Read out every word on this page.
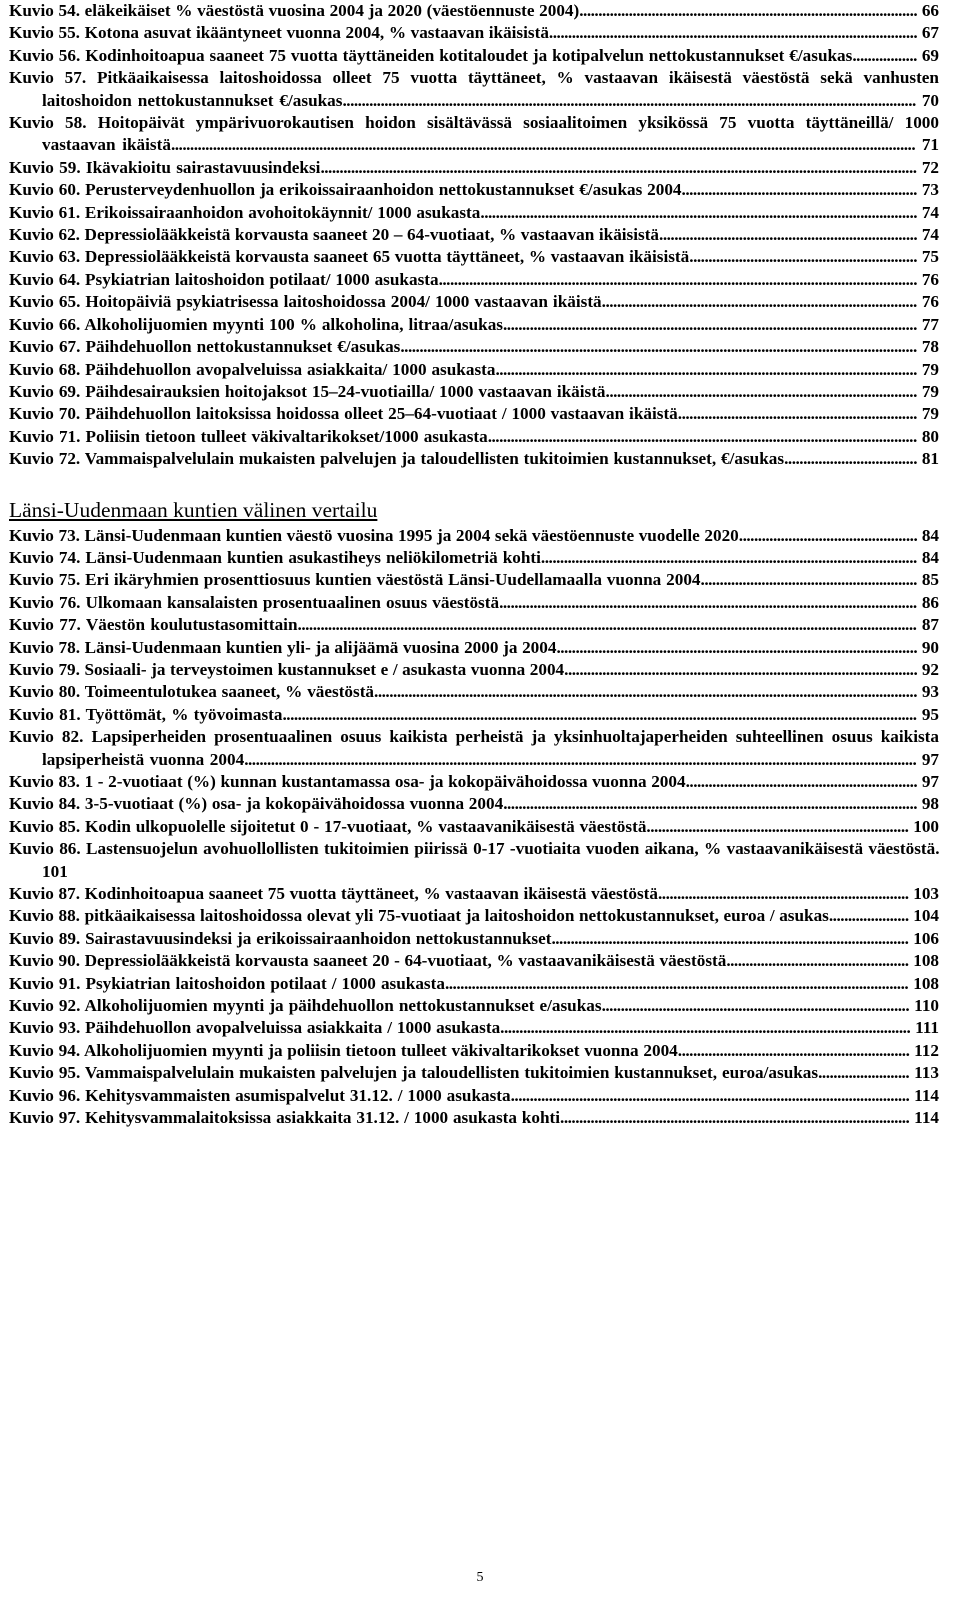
Kuvio 54. eläkeikäiset % väestöstä vuosina 2004 ja 2020 (väestöennuste 2004)......................................................................................... 66
Kuvio 55. Kotona asuvat ikääntyneet vuonna 2004, % vastaavan ikäisistä................................................................................................. 67
Kuvio 56. Kodinhoitoapua saaneet 75 vuotta täyttäneiden kotitaloudet ja kotipalvelun nettokustannukset €/asukas................. 69
Kuvio 57. Pitkäaikaisessa laitoshoidossa olleet 75 vuotta täyttäneet, % vastaavan ikäisestä väestöstä sekä vanhusten laitoshoidon nettokustannukset €/asukas....................................................................................................................................................... 70
Kuvio 58. Hoitopäivät ympärivuorokautisen hoidon sisältävässä sosiaalitoimen yksikössä 75 vuotta täyttäneillä/ 1000 vastaavan ikäistä.................................................................................................................................................................................................... 71
Kuvio 59. Ikävakioitu sairastavuusindeksi............................................................................................................................................................. 72
Kuvio 60. Perusterveydenhuollon ja erikoissairaanhoidon nettokustannukset €/asukas 2004.............................................................. 73
Kuvio 61. Erikoissairaanhoidon avohoitokäynnit/ 1000 asukasta................................................................................................................... 74
Kuvio 62. Depressiolääkkeistä korvausta saaneet 20 – 64-vuotiaat, % vastaavan ikäisistä.................................................................... 74
Kuvio 63. Depressiolääkkeistä korvausta saaneet 65 vuotta täyttäneet, % vastaavan ikäisistä............................................................ 75
Kuvio 64. Psykiatrian laitoshoidon potilaat/ 1000 asukasta.............................................................................................................................. 76
Kuvio 65. Hoitopäiviä psykiatrisessa laitoshoidossa 2004/ 1000 vastaavan ikäistä................................................................................... 76
Kuvio 66. Alkoholijuomien myynti 100 % alkoholina, litraa/asukas............................................................................................................. 77
Kuvio 67. Päihdehuollon nettokustannukset €/asukas........................................................................................................................................ 78
Kuvio 68. Päihdehuollon avopalveluissa asiakkaita/ 1000 asukasta............................................................................................................... 79
Kuvio 69. Päihdesairauksien hoitojaksot 15–24-vuotiailla/ 1000 vastaavan ikäistä.................................................................................. 79
Kuvio 70. Päihdehuollon laitoksissa hoidossa olleet 25–64-vuotiaat / 1000 vastaavan ikäistä............................................................... 79
Kuvio 71. Poliisin tietoon tulleet väkivaltarikokset/1000 asukasta................................................................................................................. 80
Kuvio 72. Vammaispalvelulain mukaisten palvelujen ja taloudellisten tukitoimien kustannukset, €/asukas................................... 81
Länsi-Uudenmaan kuntien välinen vertailu
Kuvio 73. Länsi-Uudenmaan kuntien väestö vuosina 1995 ja 2004 sekä väestöennuste vuodelle 2020............................................... 84
Kuvio 74. Länsi-Uudenmaan kuntien asukastiheys neliökilometriä kohti................................................................................................... 84
Kuvio 75. Eri ikäryhmien prosenttiosuus kuntien väestöstä Länsi-Uudellamaalla vuonna 2004......................................................... 85
Kuvio 76. Ulkomaan kansalaisten prosentuaalinen osuus väestöstä.............................................................................................................. 86
Kuvio 77. Väestön koulutustasomittain................................................................................................................................................................... 87
Kuvio 78. Länsi-Uudenmaan kuntien yli- ja alijäämä vuosina 2000 ja 2004............................................................................................... 90
Kuvio 79. Sosiaali- ja terveystoimen kustannukset e / asukasta vuonna 2004............................................................................................. 92
Kuvio 80. Toimeentulotukea saaneet, % väestöstä............................................................................................................................................... 93
Kuvio 81. Työttömät, % työvoimasta....................................................................................................................................................................... 95
Kuvio 82. Lapsiperheiden prosentuaalinen osuus kaikista perheistä ja yksinhuoltajaperheiden suhteellinen osuus kaikista lapsiperheistä vuonna 2004................................................................................................................................................................................. 97
Kuvio 83. 1 - 2-vuotiaat (%) kunnan kustantamassa osa- ja kokopäivähoidossa vuonna 2004............................................................. 97
Kuvio 84. 3-5-vuotiaat (%) osa- ja kokopäivähoidossa vuonna 2004............................................................................................................. 98
Kuvio 85. Kodin ulkopuolelle sijoitetut 0 - 17-vuotiaat, % vastaavanikäisestä väestöstä..................................................................... 100
Kuvio 86. Lastensuojelun avohuollollisten tukitoimien piirissä 0-17 -vuotiaita vuoden aikana, % vastaavanikäisestä väestöstä. 101
Kuvio 87. Kodinhoitoapua saaneet 75 vuotta täyttäneet, % vastaavan ikäisestä väestöstä.................................................................. 103
Kuvio 88. pitkäaikaisessa laitoshoidossa olevat yli 75-vuotiaat ja laitoshoidon nettokustannukset, euroa / asukas..................... 104
Kuvio 89. Sairastavuusindeksi ja erikoissairaanhoidon nettokustannukset.............................................................................................. 106
Kuvio 90. Depressiolääkkeistä korvausta saaneet 20 - 64-vuotiaat, % vastaavanikäisestä väestöstä................................................ 108
Kuvio 91. Psykiatrian laitoshoidon potilaat / 1000 asukasta.......................................................................................................................... 108
Kuvio 92. Alkoholijuomien myynti ja päihdehuollon nettokustannukset e/asukas................................................................................. 110
Kuvio 93. Päihdehuollon avopalveluissa asiakkaita / 1000 asukasta............................................................................................................ 111
Kuvio 94. Alkoholijuomien myynti ja poliisin tietoon tulleet väkivaltarikokset vuonna 2004............................................................. 112
Kuvio 95. Vammaispalvelulain mukaisten palvelujen ja taloudellisten tukitoimien kustannukset, euroa/asukas........................ 113
Kuvio 96. Kehitysvammaisten asumispalvelut 31.12. / 1000 asukasta......................................................................................................... 114
Kuvio 97. Kehitysvammalaitoksissa asiakkaita 31.12. / 1000 asukasta kohti............................................................................................ 114
5
